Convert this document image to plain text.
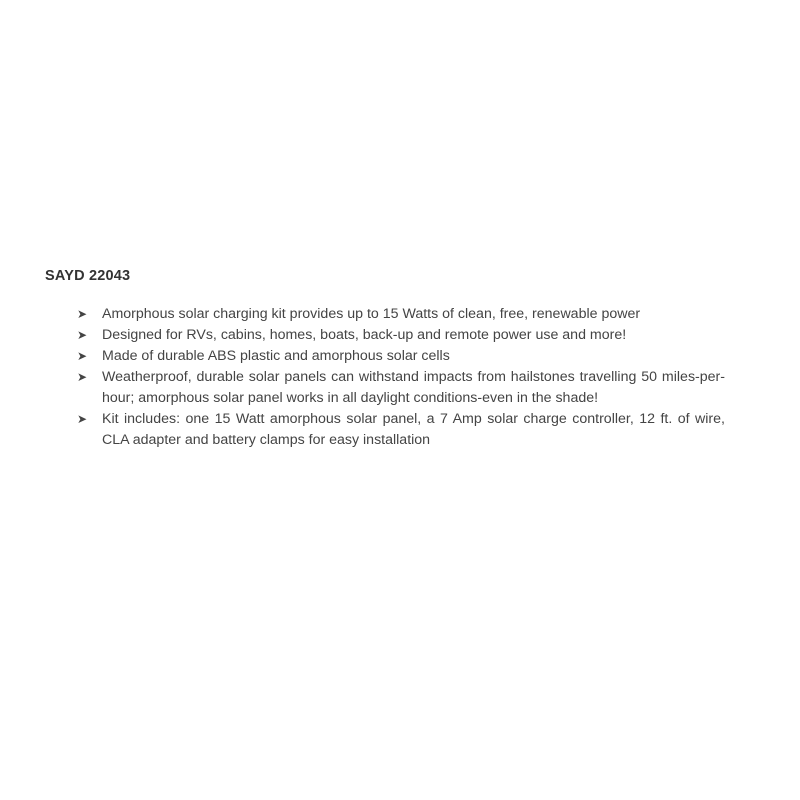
SAYD 22043
➤ Amorphous solar charging kit provides up to 15 Watts of clean, free, renewable power
➤ Designed for RVs, cabins, homes, boats, back-up and remote power use and more!
➤ Made of durable ABS plastic and amorphous solar cells
➤ Weatherproof, durable solar panels can withstand impacts from hailstones travelling 50 miles-per-hour; amorphous solar panel works in all daylight conditions-even in the shade!
➤ Kit includes: one 15 Watt amorphous solar panel, a 7 Amp solar charge controller, 12 ft. of wire, CLA adapter and battery clamps for easy installation
